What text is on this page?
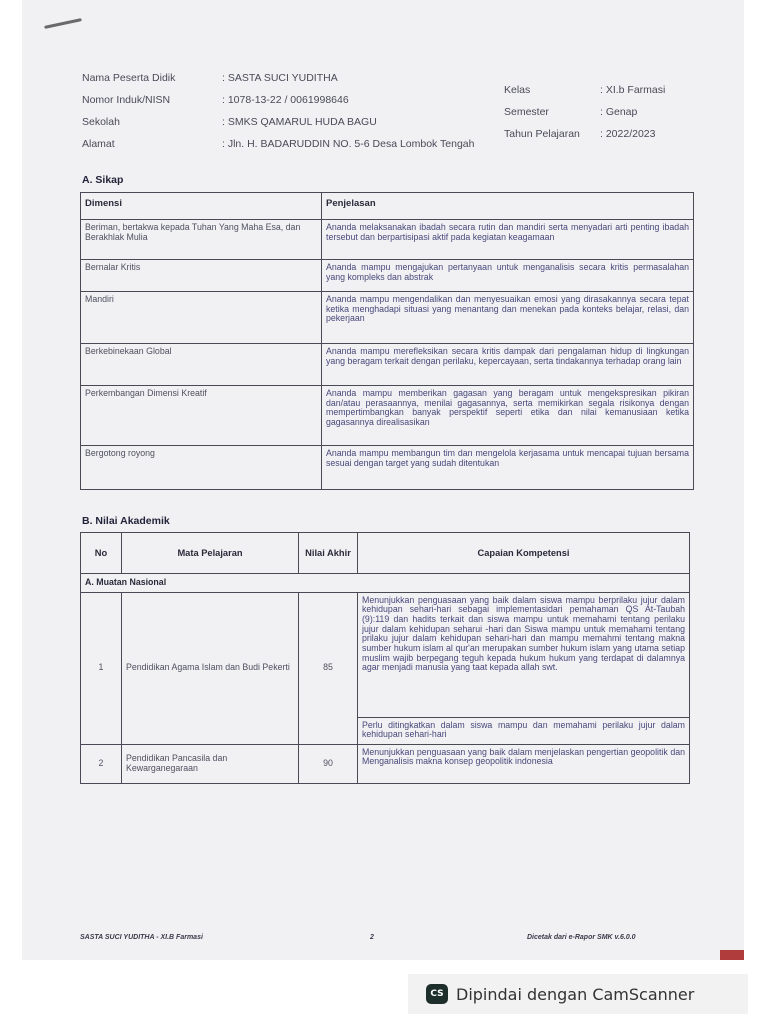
Nama Peserta Didik	: SASTA SUCI YUDITHA
Nomor Induk/NISN	: 1078-13-22 / 0061998646
Sekolah	: SMKS QAMARUL HUDA BAGU
Alamat	: Jln. H. BADARUDDIN NO. 5-6 Desa Lombok Tengah
Kelas	: XI.b Farmasi
Semester	: Genap
Tahun Pelajaran	: 2022/2023
A. Sikap
Dimensi	Penjelasan
Beriman, bertakwa kepada Tuhan Yang Maha Esa, dan Berakhlak Mulia	Ananda melaksanakan ibadah secara rutin dan mandiri serta menyadari arti penting ibadah tersebut dan berpartisipasi aktif pada kegiatan keagamaan
Bernalar Kritis	Ananda mampu mengajukan pertanyaan untuk menganalisis secara kritis permasalahan yang kompleks dan abstrak
Mandiri	Ananda mampu mengendalikan dan menyesuaikan emosi yang dirasakannya secara tepat ketika menghadapi situasi yang menantang dan menekan pada konteks belajar, relasi, dan pekerjaan
Berkebinekaan Global	Ananda mampu merefleksikan secara kritis dampak dari pengalaman hidup di lingkungan yang beragam terkait dengan perilaku, kepercayaan, serta tindakannya terhadap orang lain
Perkembangan Dimensi Kreatif	Ananda mampu memberikan gagasan yang beragam untuk mengekspresikan pikiran dan/atau perasaannya, menilai gagasannya, serta memikirkan segala risikonya dengan mempertimbangkan banyak perspektif seperti etika dan nilai kemanusiaan ketika gagasannya direalisasikan
Bergotong royong	Ananda mampu membangun tim dan mengelola kerjasama untuk mencapai tujuan bersama sesuai dengan target yang sudah ditentukan
B. Nilai Akademik
No	Mata Pelajaran	Nilai Akhir	Capaian Kompetensi
A. Muatan Nasional			
1	Pendidikan Agama Islam dan Budi Pekerti	85	Menunjukkan penguasaan yang baik dalam siswa mampu berprilaku jujur dalam kehidupan sehari-hari sebagai implementasidari pemahaman QS At-Taubah (9):119 dan hadits terkait dan siswa mampu untuk memahami tentang perilaku jujur dalam kehidupan seharui -hari dan Siswa mampu untuk memahami tentang prilaku jujur dalam kehidupan sehari-hari dan mampu memahmi tentang makna sumber hukum islam al qur'an merupakan sumber hukum islam yang utama setiap muslim wajib berpegang teguh kepada hukum hukum yang terdapat di dalamnya agar menjadi manusia yang taat kepada allah swt.
			Perlu ditingkatkan dalam siswa mampu dan memahami perilaku jujur dalam kehidupan sehari-hari
2	Pendidikan Pancasila dan Kewarganegaraan	90	Menunjukkan penguasaan yang baik dalam menjelaskan pengertian geopolitik dan Menganalisis makna konsep geopolitik indonesia
SASTA SUCI YUDITHA - XI.B Farmasi	2	Dicetak dari e-Rapor SMK v.6.0.0
CS Dipindai dengan CamScanner
